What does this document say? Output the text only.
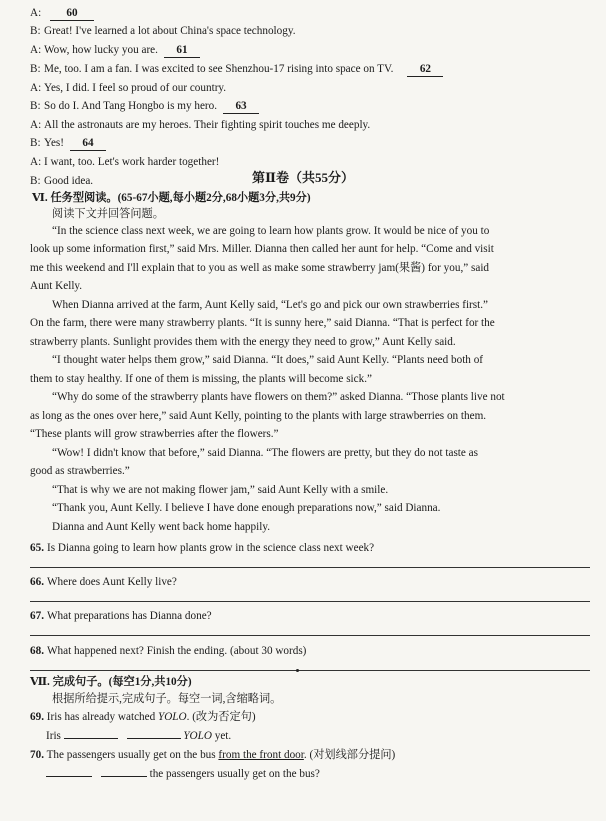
A: 60
B: Great! I've learned a lot about China's space technology.
A: Wow, how lucky you are. 61
B: Me, too. I am a fan. I was excited to see Shenzhou-17 rising into space on TV. 62
A: Yes, I did. I feel so proud of our country.
B: So do I. And Tang Hongbo is my hero. 63
A: All the astronauts are my heroes. Their fighting spirit touches me deeply.
B: Yes! 64
A: I want, too. Let's work harder together!
B: Good idea.	第Ⅱ卷（共55分）
Ⅵ. 任务型阅读。(65-67小题,每小题2分,68小题3分,共9分)
阅读下文并回答问题。
“In the science class next week, we are going to learn how plants grow. It would be nice of you to
look up some information first,” said Mrs. Miller. Dianna then called her aunt for help. “Come and visit
me this weekend and I'll explain that to you as well as make some strawberry jam(果酱) for you,” said
Aunt Kelly.
When Dianna arrived at the farm, Aunt Kelly said, “Let's go and pick our own strawberries first.”
On the farm, there were many strawberry plants. “It is sunny here,” said Dianna. “That is perfect for the
strawberry plants. Sunlight provides them with the energy they need to grow,” Aunt Kelly said.
“I thought water helps them grow,” said Dianna. “It does,” said Aunt Kelly. “Plants need both of
them to stay healthy. If one of them is missing, the plants will become sick.”
“Why do some of the strawberry plants have flowers on them?” asked Dianna. “Those plants live not
as long as the ones over here,” said Aunt Kelly, pointing to the plants with large strawberries on them.
“These plants will grow strawberries after the flowers.”
“Wow! I didn't know that before,” said Dianna. “The flowers are pretty, but they do not taste as
good as strawberries.”
“That is why we are not making flower jam,” said Aunt Kelly with a smile.
“Thank you, Aunt Kelly. I believe I have done enough preparations now,” said Dianna.
Dianna and Aunt Kelly went back home happily.
65. Is Dianna going to learn how plants grow in the science class next week?
66. Where does Aunt Kelly live?
67. What preparations has Dianna done?
68. What happened next? Finish the ending. (about 30 words)
Ⅶ. 完成句子。(每空1分,共10分)
根据所给提示,完成句子。每空一词,含缩略词。
69. Iris has already watched YOLO. (改为否定句)
Iris	YOLO yet.
70. The passengers usually get on the bus from the front door. (对划线部分提问)
the passengers usually get on the bus?
